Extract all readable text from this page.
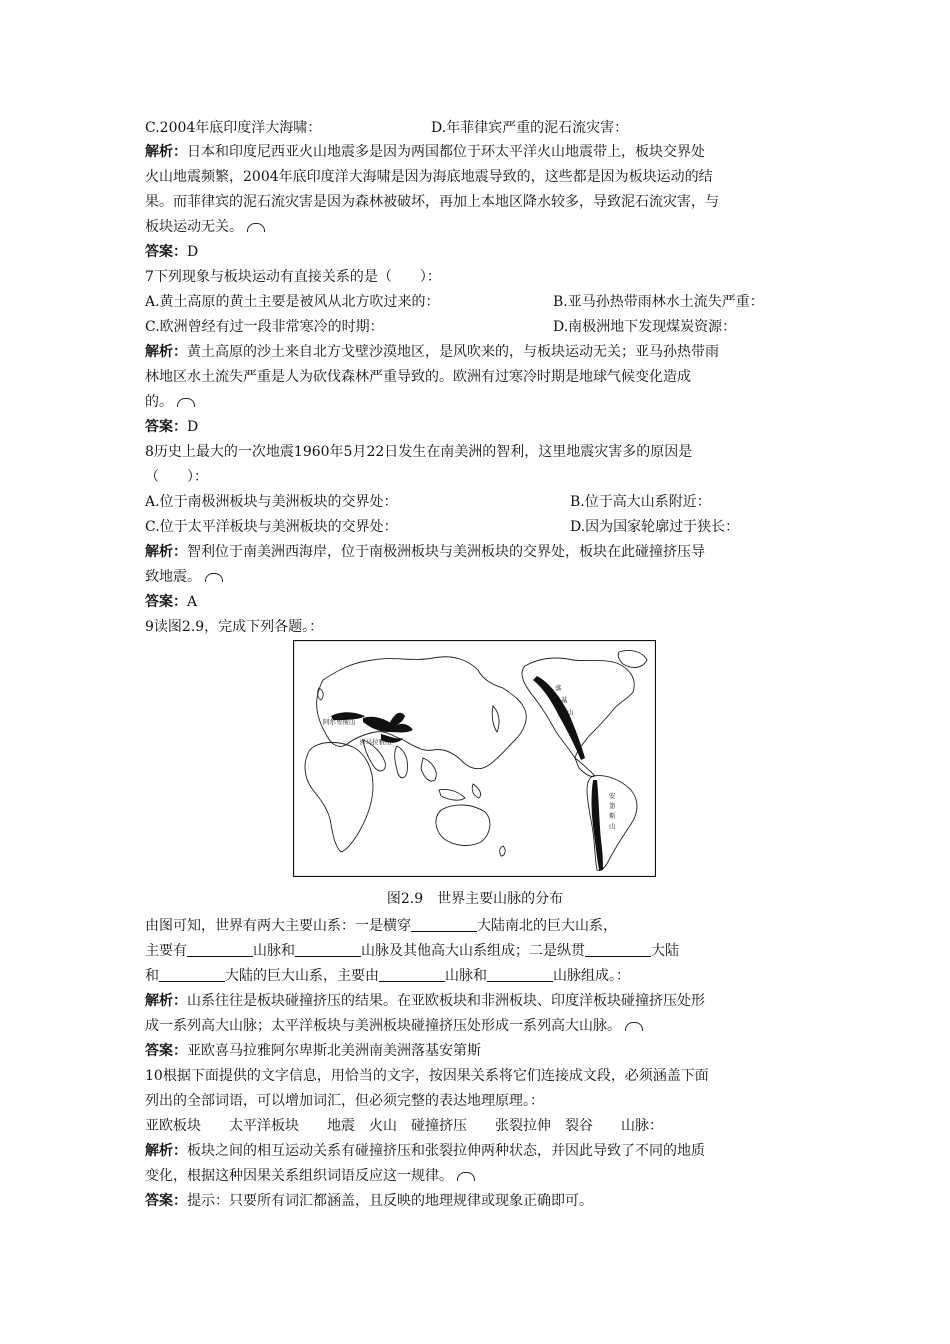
C.2004年底印度洋大海啸：	D.年菲律宾严重的泥石流灾害：
解析：日本和印度尼西亚火山地震多是因为两国都位于环太平洋火山地震带上，板块交界处
火山地震频繁，2004年底印度洋大海啸是因为海底地震导致的，这些都是因为板块运动的结
果。而菲律宾的泥石流灾害是因为森林被破坏，再加上本地区降水较多，导致泥石流灾害，与
板块运动无关。
答案：D
7下列现象与板块运动有直接关系的是（　　）：
A.黄土高原的黄土主要是被风从北方吹过来的：	B.亚马孙热带雨林水土流失严重：
C.欧洲曾经有过一段非常寒冷的时期：	D.南极洲地下发现煤炭资源：
解析：黄土高原的沙土来自北方戈壁沙漠地区，是风吹来的，与板块运动无关；亚马孙热带雨
林地区水土流失严重是人为砍伐森林严重导致的。欧洲有过寒冷时期是地球气候变化造成
的。
答案：D
8历史上最大的一次地震1960年5月22日发生在南美洲的智利，这里地震灾害多的原因是
（　　）：
A.位于南极洲板块与美洲板块的交界处：	B.位于高大山系附近：
C.位于太平洋板块与美洲板块的交界处：	D.因为国家轮廓过于狭长：
解析：智利位于南美洲西海岸，位于南极洲板块与美洲板块的交界处，板块在此碰撞挤压导
致地震。
答案：A
9读图2.9，完成下列各题。：
阿尔卑斯山
喜马拉雅山
落
基
山
安
第
斯
山
图2.9　世界主要山脉的分布
由图可知，世界有两大主要山系：一是横穿	大陆南北的巨大山系，
主要有	山脉和	山脉及其他高大山系组成；二是纵贯	大陆
和	大陆的巨大山系，主要由	山脉和	山脉组成。：
解析：山系往往是板块碰撞挤压的结果。在亚欧板块和非洲板块、印度洋板块碰撞挤压处形
成一系列高大山脉；太平洋板块与美洲板块碰撞挤压处形成一系列高大山脉。
答案：亚欧喜马拉雅阿尔卑斯北美洲南美洲落基安第斯
10根据下面提供的文字信息，用恰当的文字，按因果关系将它们连接成文段，必须涵盖下面
列出的全部词语，可以增加词汇，但必须完整的表达地理原理。：
亚欧板块　　太平洋板块　　地震　火山　碰撞挤压　　张裂拉伸　裂谷　　山脉：
解析：板块之间的相互运动关系有碰撞挤压和张裂拉伸两种状态，并因此导致了不同的地质
变化，根据这种因果关系组织词语反应这一规律。
答案：提示：只要所有词汇都涵盖，且反映的地理规律或现象正确即可。
